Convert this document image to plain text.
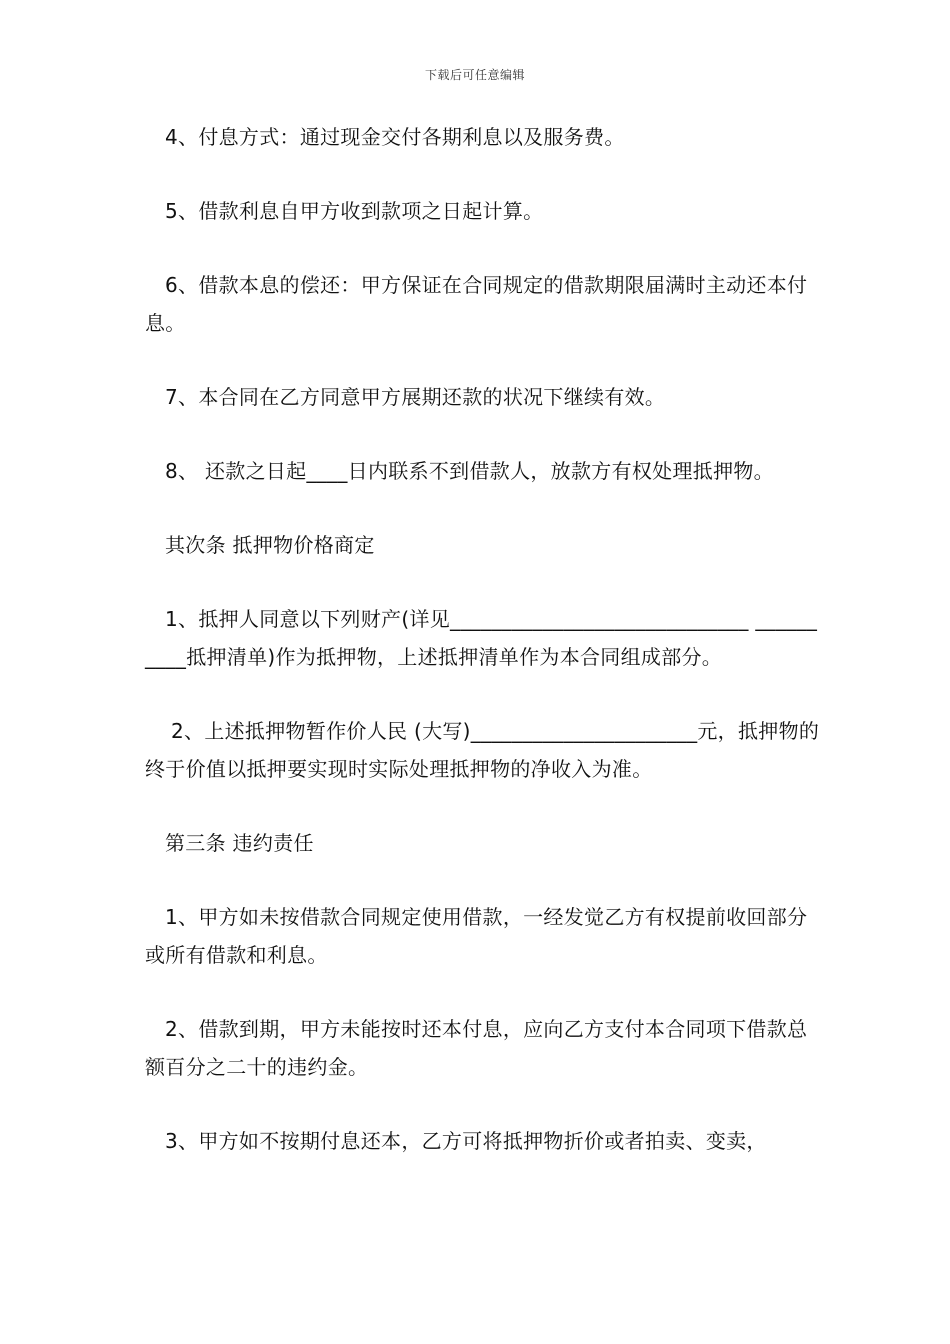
下载后可任意编辑

4、付息方式：通过现金交付各期利息以及服务费。

5、借款利息自甲方收到款项之日起计算。

6、借款本息的偿还：甲方保证在合同规定的借款期限届满时主动还本付息。

7、本合同在乙方同意甲方展期还款的状况下继续有效。

8、 还款之日起____日内联系不到借款人，放款方有权处理抵押物。

其次条 抵押物价格商定

1、抵押人同意以下列财产(详见_____________________________ __________抵押清单)作为抵押物，上述抵押清单作为本合同组成部分。

2、上述抵押物暂作价人民 (大写)______________________元，抵押物的终于价值以抵押要实现时实际处理抵押物的净收入为准。

第三条 违约责任

1、甲方如未按借款合同规定使用借款，一经发觉乙方有权提前收回部分或所有借款和利息。

2、借款到期，甲方未能按时还本付息，应向乙方支付本合同项下借款总额百分之二十的违约金。

3、甲方如不按期付息还本，乙方可将抵押物折价或者拍卖、变卖，
